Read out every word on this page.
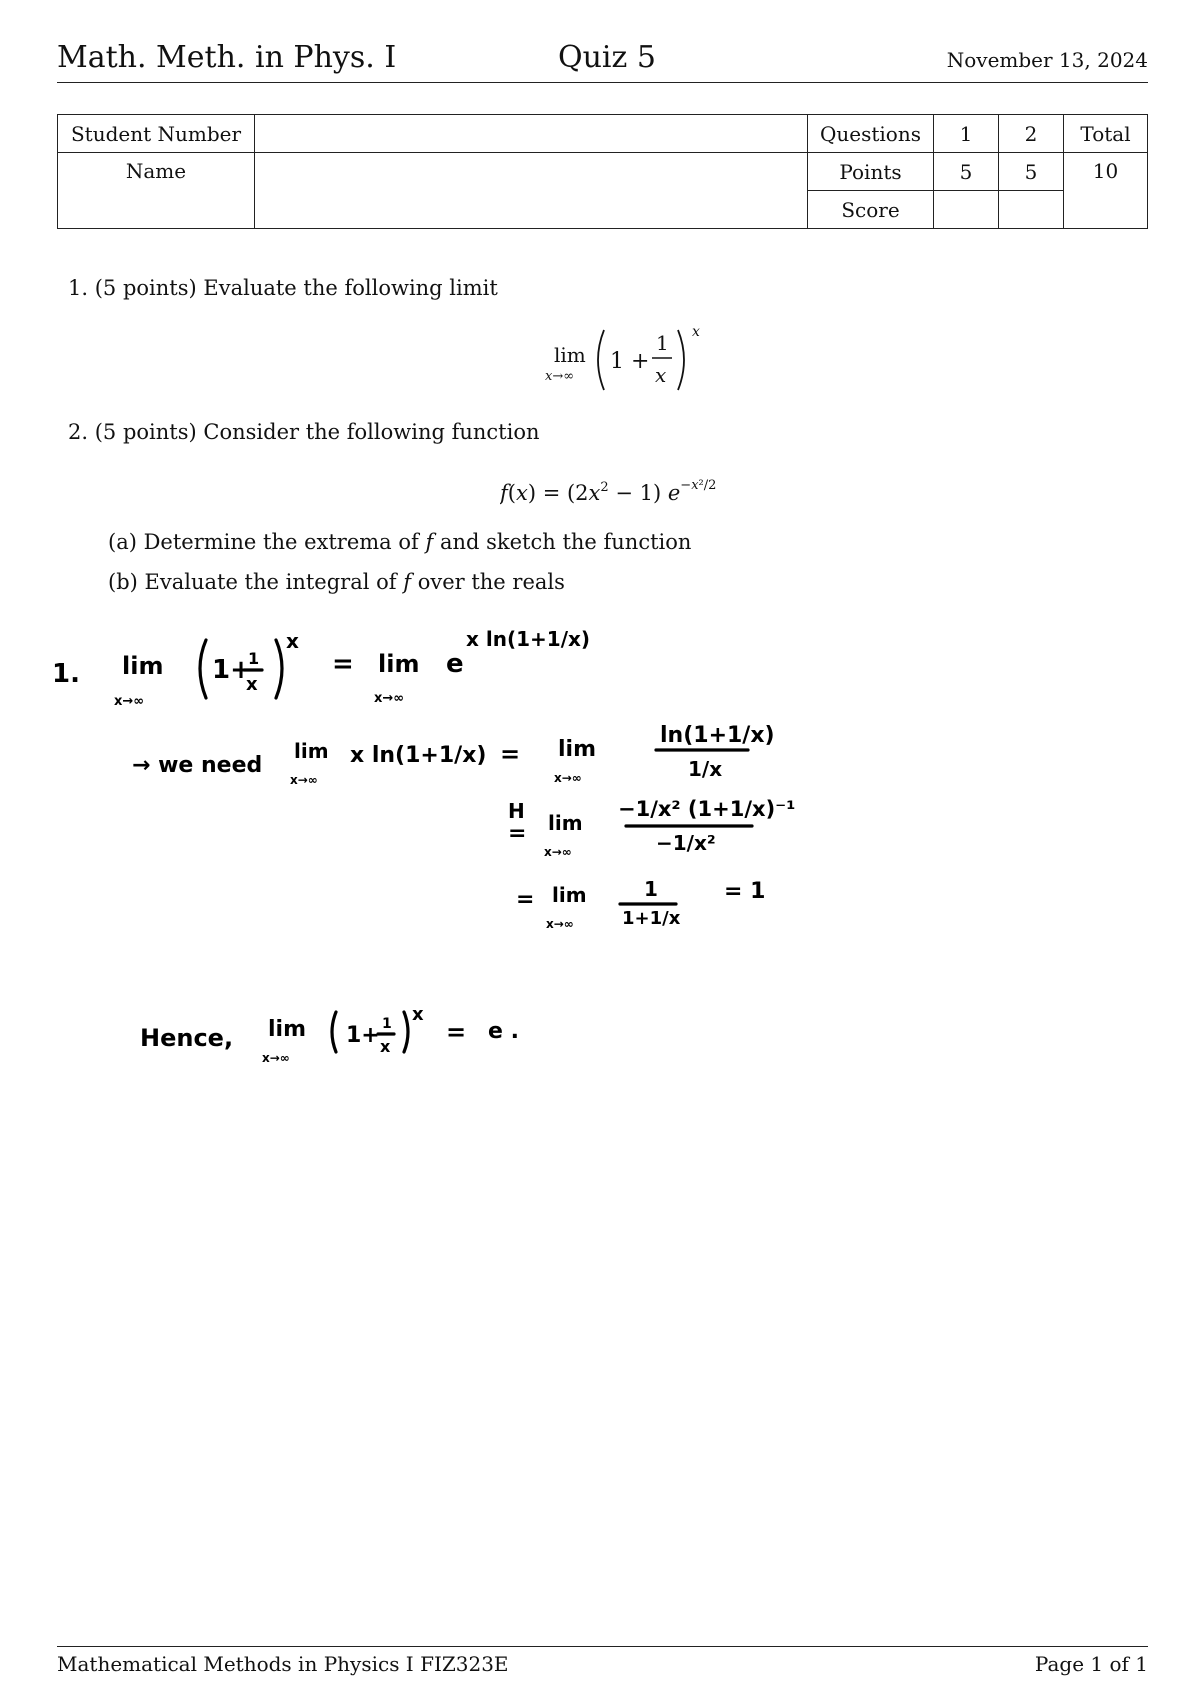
Math. Meth. in Phys. I	Quiz 5	November 13, 2024
Student Number		Questions	1	2	Total
Name		Points	5	5	10
		Score			
1. (5 points) Evaluate the following limit
lim
x→∞
1 +
1
x
x
2. (5 points) Consider the following function
$f(x) = (2x^2 - 1)$ $e^{-x^2/2}$
(a) Determine the extrema of f and sketch the function
(b) Evaluate the integral of f over the reals
1. lim
x→∞
1+
1
x
x
= lim
x→∞
e
x ln(1+1/x)
→ we need
lim
x→∞
x ln(1+1/x) = lim
x→∞
ln(1+1/x)
1/x
H
= lim
x→∞
−1/x² (1+1/x)⁻¹
−1/x²
= lim
x→∞
1
1+1/x
= 1
Hence, lim
x→∞
1+ 1
x
x
= e .
Mathematical Methods in Physics I FIZ323E	Page 1 of 1
